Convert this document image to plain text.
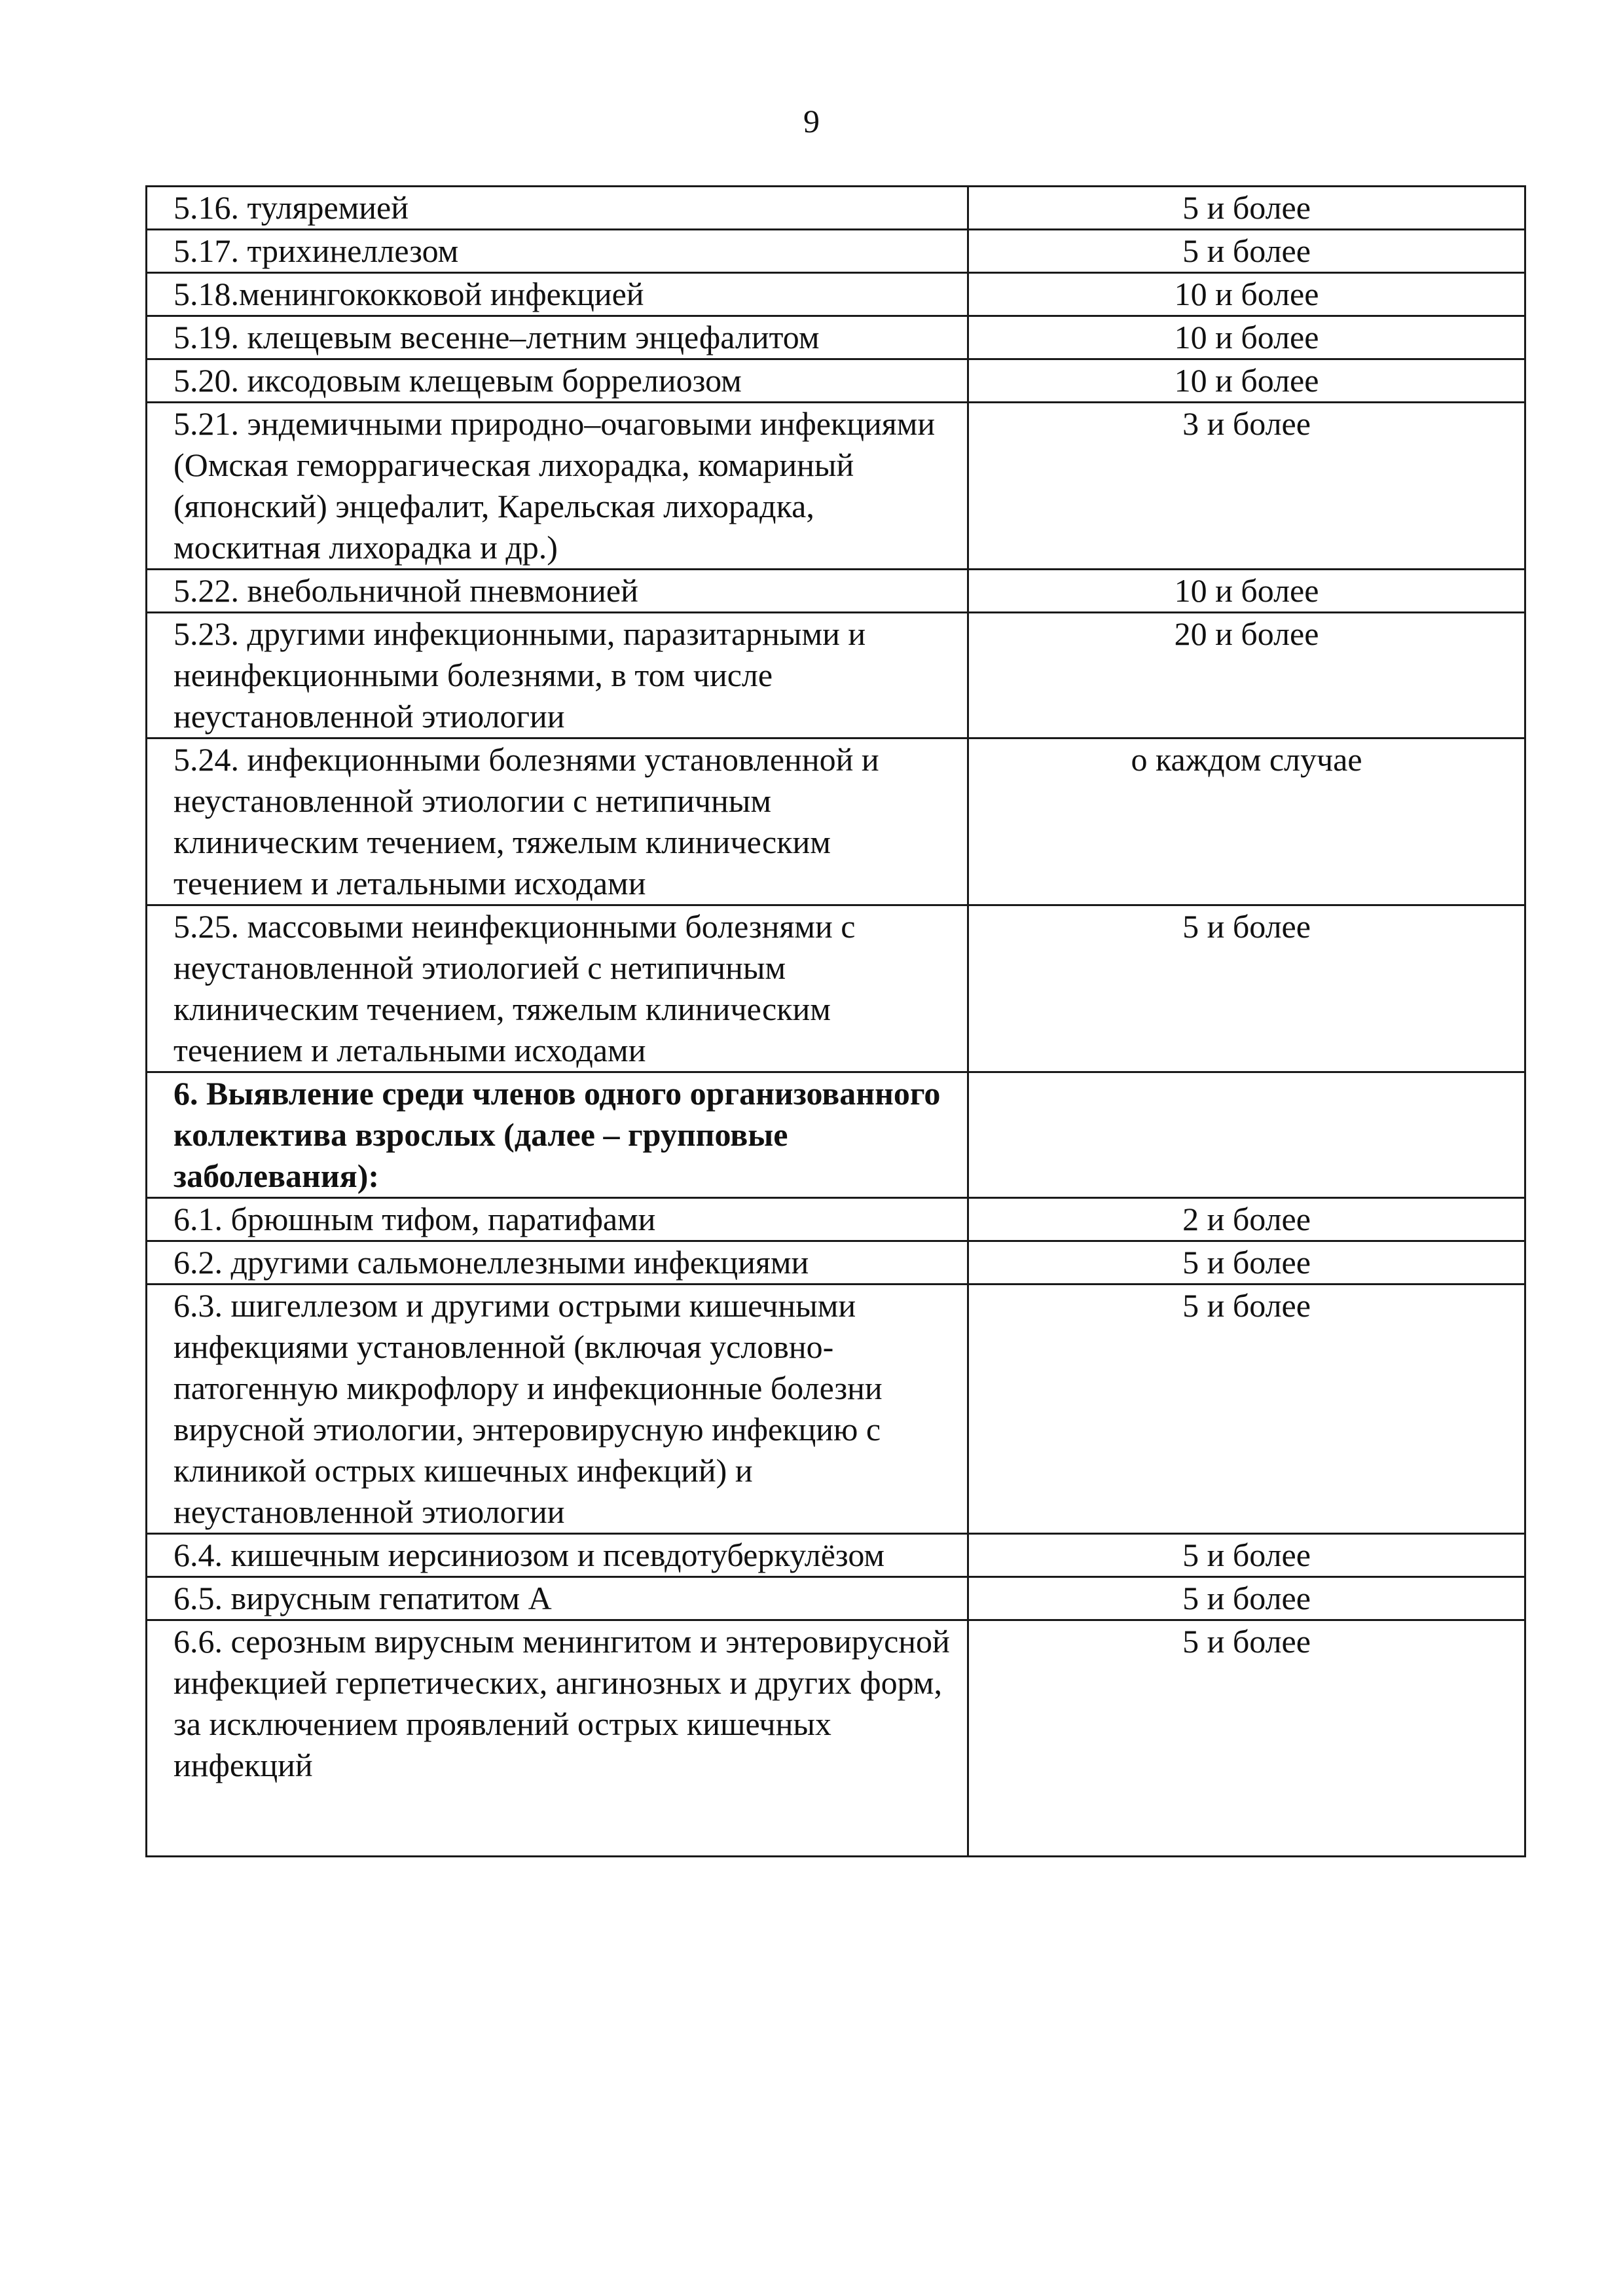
9
5.16. туляремией	5 и более
5.17. трихинеллезом	5 и более
5.18.менингококковой инфекцией	10 и более
5.19. клещевым весенне–летним энцефалитом	10 и более
5.20. иксодовым клещевым боррелиозом	10 и более
5.21. эндемичными природно–очаговыми инфекциями (Омская геморрагическая лихорадка, комариный (японский) энцефалит, Карельская лихорадка, москитная лихорадка и др.)	3 и более
5.22. внебольничной пневмонией	10 и более
5.23. другими инфекционными, паразитарными и неинфекционными болезнями, в том числе неустановленной этиологии	20 и более
5.24. инфекционными болезнями установленной и неустановленной этиологии с нетипичным клиническим течением, тяжелым клиническим течением и летальными исходами	о каждом случае
5.25. массовыми неинфекционными болезнями с неустановленной этиологией с нетипичным клиническим течением, тяжелым клиническим течением и летальными исходами	5 и более
6. Выявление среди членов одного организованного коллектива взрослых (далее – групповые заболевания):	
6.1. брюшным тифом, паратифами	2 и более
6.2. другими сальмонеллезными инфекциями	5 и более
6.3. шигеллезом и другими острыми кишечными инфекциями установленной (включая условно-патогенную микрофлору и инфекционные болезни вирусной этиологии, энтеровирусную инфекцию с клиникой острых кишечных инфекций) и неустановленной этиологии	5 и более
6.4. кишечным иерсиниозом и псевдотуберкулёзом	5 и более
6.5. вирусным гепатитом А	5 и более
6.6. серозным вирусным менингитом и энтеровирусной инфекцией герпетических, ангинозных и других форм, за исключением проявлений острых кишечных инфекций	5 и более
